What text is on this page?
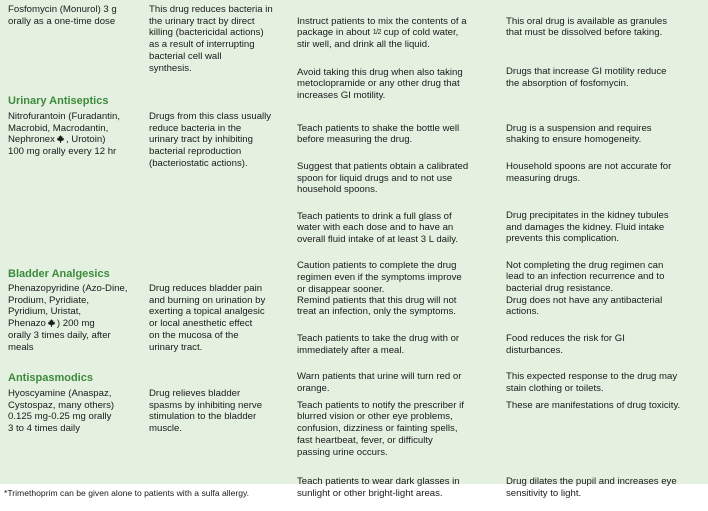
Fosfomycin (Monurol) 3 g
orally as a one-time dose
This drug reduces bacteria in
the urinary tract by direct
killing (bactericidal actions)
as a result of interrupting
bacterial cell wall
synthesis.

Instruct patients to mix the contents of a
package in about 1/2 cup of cold water,
stir well, and drink all the liquid.

Avoid taking this drug when also taking
metoclopramide or any other drug that
increases GI motility.

This oral drug is available as granules
that must be dissolved before taking.

Drugs that increase GI motility reduce
the absorption of fosfomycin.

Urinary Antiseptics
Nitrofurantoin (Furadantin,
Macrobid, Macrodantin,
Nephronex , Urotoin)
100 mg orally every 12 hr
Drugs from this class usually
reduce bacteria in the
urinary tract by inhibiting
bacterial reproduction
(bacteriostatic actions).

Teach patients to shake the bottle well
before measuring the drug.

Suggest that patients obtain a calibrated
spoon for liquid drugs and to not use
household spoons.

Teach patients to drink a full glass of
water with each dose and to have an
overall fluid intake of at least 3 L daily.

Caution patients to complete the drug
regimen even if the symptoms improve
or disappear sooner.

Drug is a suspension and requires
shaking to ensure homogeneity.

Household spoons are not accurate for
measuring drugs.

Drug precipitates in the kidney tubules
and damages the kidney. Fluid intake
prevents this complication.

Not completing the drug regimen can
lead to an infection recurrence and to
bacterial drug resistance.

Bladder Analgesics
Phenazopyridine (Azo-Dine,
Prodium, Pyridiate,
Pyridium, Uristat,
Phenazo ) 200 mg
orally 3 times daily, after
meals
Drug reduces bladder pain
and burning on urination by
exerting a topical analgesic
or local anesthetic effect
on the mucosa of the
urinary tract.

Remind patients that this drug will not
treat an infection, only the symptoms.

Teach patients to take the drug with or
immediately after a meal.

Warn patients that urine will turn red or
orange.

Drug does not have any antibacterial
actions.

Food reduces the risk for GI
disturbances.

This expected response to the drug may
stain clothing or toilets.

Antispasmodics
Hyoscyamine (Anaspaz,
Cystospaz, many others)
0.125 mg-0.25 mg orally
3 to 4 times daily
Drug relieves bladder
spasms by inhibiting nerve
stimulation to the bladder
muscle.

Teach patients to notify the prescriber if
blurred vision or other eye problems,
confusion, dizziness or fainting spells,
fast heartbeat, fever, or difficulty
passing urine occurs.

Teach patients to wear dark glasses in
sunlight or other bright-light areas.

These are manifestations of drug toxicity.

Drug dilates the pupil and increases eye
sensitivity to light.

*Trimethoprim can be given alone to patients with a sulfa allergy.
